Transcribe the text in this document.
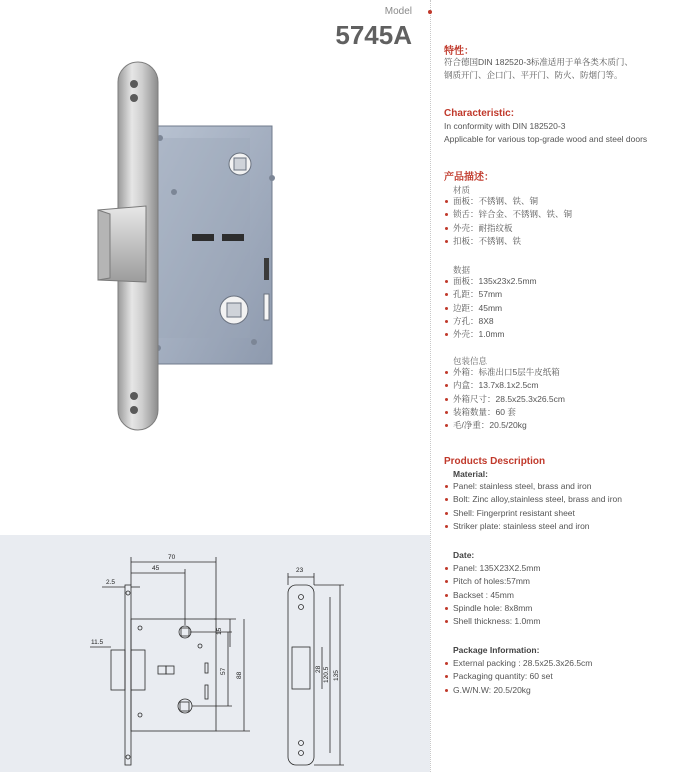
Model
5745A
70
45
2.5
11.5
15
57
88
23
28 120.5 135
特性：
符合德国DIN 182520-3标准适用于单各类木质门、
钢质开门、企口门、平开门、防火、防烟门等。
Characteristic:
In conformity with DIN 182520-3
Applicable for various top-grade wood and steel doors
产品描述：
材质
面板：不锈钢、铁、铜
锁舌：锌合金、不锈钢、铁、铜
外壳：耐指纹板
扣板：不锈钢、铁
数据
面板：135x23x2.5mm
孔距：57mm
边距：45mm
方孔：8X8
外壳：1.0mm
包装信息
外箱：标准出口5层牛皮纸箱
内盒：13.7x8.1x2.5cm
外箱尺寸：28.5x25.3x26.5cm
装箱数量：60 套
毛/净重：20.5/20kg
Products Description
Material:
Panel: stainless steel, brass and iron
Bolt: Zinc alloy,stainless steel, brass and iron
Shell: Fingerprint resistant sheet
Striker plate: stainless steel and iron
Date:
Panel: 135X23X2.5mm
Pitch of holes:57mm
Backset : 45mm
Spindle hole: 8x8mm
Shell thickness: 1.0mm
Package Information:
External packing : 28.5x25.3x26.5cm
Packaging quantity: 60 set
G.W/N.W: 20.5/20kg
